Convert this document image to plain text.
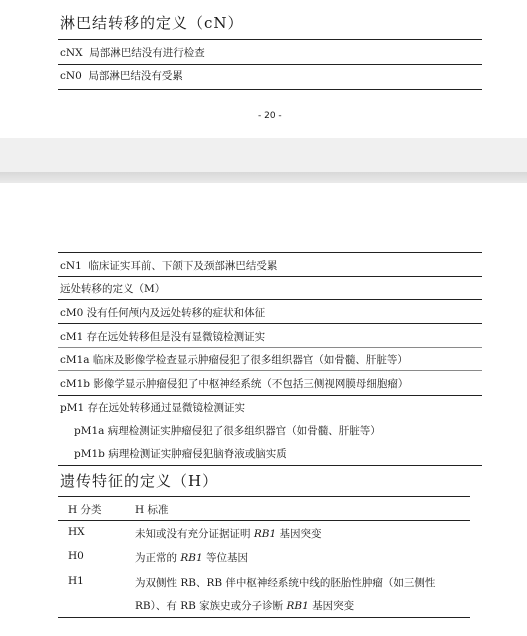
淋巴结转移的定义（cN）
cNX 局部淋巴结没有进行检查
cN0 局部淋巴结没有受累
- 20 -
cN1 临床证实耳前、下颌下及颈部淋巴结受累
远处转移的定义（M）
cM0 没有任何颅内及远处转移的症状和体征
cM1 存在远处转移但是没有显微镜检测证实
cM1a 临床及影像学检查显示肿瘤侵犯了很多组织器官（如骨髓、肝脏等）
cM1b 影像学显示肿瘤侵犯了中枢神经系统（不包括三侧视网膜母细胞瘤）
pM1 存在远处转移通过显微镜检测证实
pM1a 病理检测证实肿瘤侵犯了很多组织器官（如骨髓、肝脏等）
pM1b 病理检测证实肿瘤侵犯脑脊液或脑实质
遗传特征的定义（H）
H 分类	H 标准
HX	未知或没有充分证据证明 RB1 基因突变
H0	为正常的 RB1 等位基因
H1	为双侧性 RB、RB 伴中枢神经系统中线的胚胎性肿瘤（如三侧性
RB）、有 RB 家族史或分子诊断 RB1 基因突变
